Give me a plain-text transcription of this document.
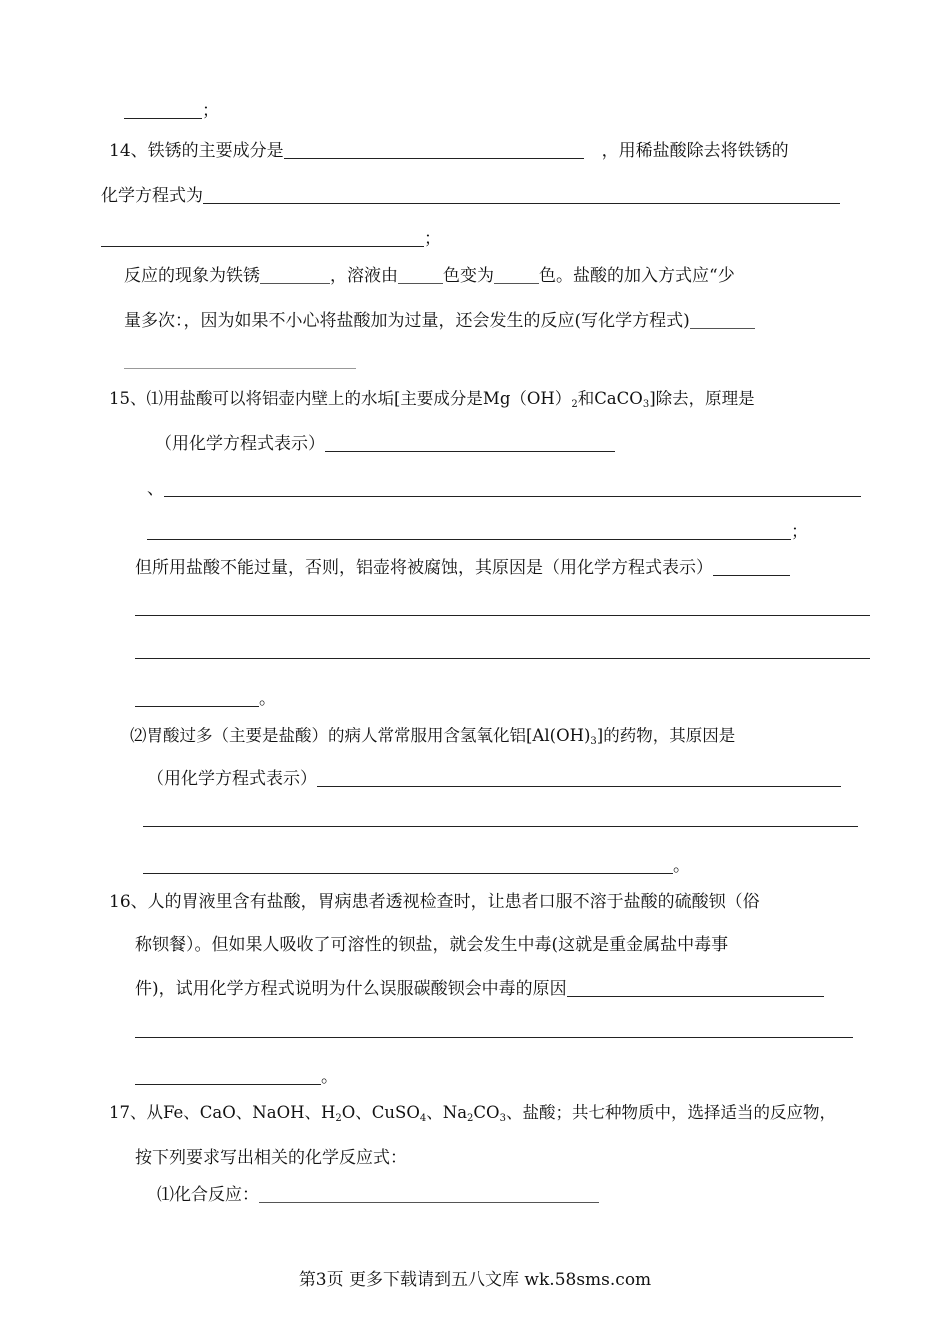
；
14、铁锈的主要成分是	，用稀盐酸除去将铁锈的
化学方程式为
；
反应的现象为铁锈	，溶液由	色变为	色。盐酸的加入方式应“少
量多次：，因为如果不小心将盐酸加为过量，还会发生的反应(写化学方程式)
15、⑴用盐酸可以将铝壶内壁上的水垢[主要成分是$Mg(OH)_2$和CaCO$_3$]除去，原理是
（用化学方程式表示）
、
；
但所用盐酸不能过量，否则，铝壶将被腐蚀，其原因是（用化学方程式表示）
。
⑵胃酸过多（主要是盐酸）的病人常常服用含氢氧化铝$[Al(OH)_3]$的药物，其原因是
（用化学方程式表示）
。
16、人的胃液里含有盐酸，胃病患者透视检查时，让患者口服不溶于盐酸的硫酸钡（俗
称钡餐）。但如果人吸收了可溶性的钡盐，就会发生中毒(这就是重金属盐中毒事
件)，试用化学方程式说明为什么误服碳酸钡会中毒的原因
。
17、从Fe、CaO、NaOH、$H_2O$、CuSO$_4$、$Na_2CO_3$、盐酸；共七种物质中，选择适当的反应物，
按下列要求写出相关的化学反应式：
⑴化合反应：
第3页 更多下载请到五八文库 wk.58sms.com
